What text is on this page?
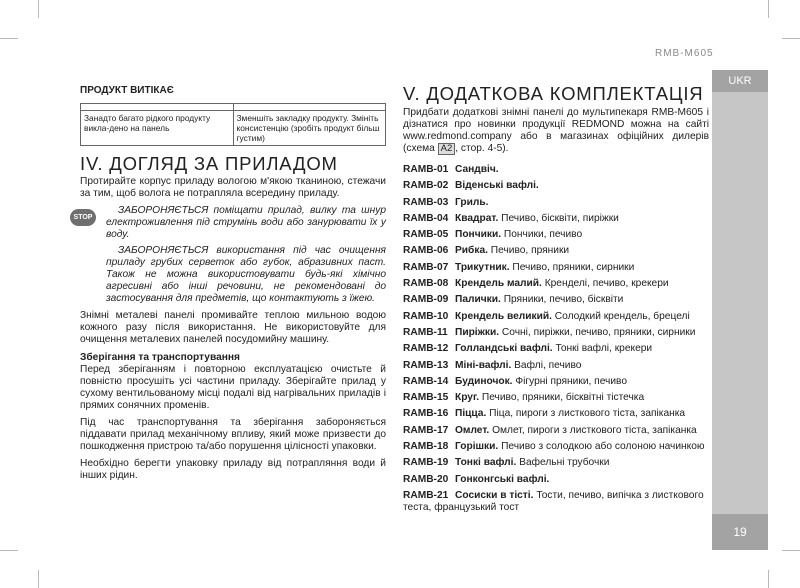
RMB-M605
UKR
19
ПРОДУКТ ВИТІКАЄ

Занадто багато рідкого продукту викла-дено на панель	Зменшіть закладку продукту. Змініть консистенцію (зробіть продукт більш густим)
IV. ДОГЛЯД ЗА ПРИЛАДОМ

Протирайте корпус приладу вологою м'якою тканиною, стежачи за тим, щоб волога не потрапляла всередину приладу.

STOP

ЗАБОРОНЯЄТЬСЯ поміщати прилад, вилку та шнур електроживлення під струмінь води або занурювати їх у воду.

ЗАБОРОНЯЄТЬСЯ використання під час очищення приладу грубих серветок або губок, абразивних паст. Також не можна використовувати будь-які хімічно агресивні або інші речовини, не рекомендовані до застосування для предметів, що контактують з їжею.

Знімні металеві панелі промивайте теплою мильною водою кожного разу після використання. Не використовуйте для очищення металевих панелей посудомийну машину.

Зберігання та транспортування

Перед зберіганням і повторною експлуатацією очистьте й повністю просушіть усі частини приладу. Зберігайте прилад у сухому вентильованому місці подалі від нагрівальних приладів і прямих сонячних променів.

Під час транспортування та зберігання забороняється піддавати прилад механічному впливу, який може призвести до пошкодження пристрою та/або порушення цілісності упаковки.

Необхідно берегти упаковку приладу від потрапляння води й інших рідин.

V. ДОДАТКОВА КОМПЛЕКТАЦІЯ

Придбати додаткові знімні панелі до мультипекаря RMB-M605 і дізнатися про новинки продукції REDMOND можна на сайті www.redmond.company або в магазинах офіційних дилерів (схема A2 , стор. 4-5).

RAMB-01 Сандвіч.
RAMB-02 Віденські вафлі.
RAMB-03 Гриль.
RAMB-04 Квадрат. Печиво, бісквіти, пиріжки
RAMB-05 Пончики. Пончики, печиво
RAMB-06 Рибка. Печиво, пряники
RAMB-07 Трикутник. Печиво, пряники, сирники
RAMB-08 Крендель малий. Кренделі, печиво, крекери
RAMB-09 Палички. Пряники, печиво, бісквіти
RAMB-10 Крендель великий. Солодкий крендель, брецелі
RAMB-11 Пиріжки. Сочні, пиріжки, печиво, пряники, сирники
RAMB-12 Голландські вафлі. Тонкі вафлі, крекери
RAMB-13 Міні-вафлі. Вафлі, печиво
RAMB-14 Будиночок. Фігурні пряники, печиво
RAMB-15 Круг. Печиво, пряники, бісквітні тістечка
RAMB-16 Піцца. Піца, пироги з листкового тіста, запіканка
RAMB-17 Омлет. Омлет, пироги з листкового тіста, запіканка
RAMB-18 Горішки. Печиво з солодкою або солоною начинкою
RAMB-19 Тонкі вафлі. Вафельні трубочки
RAMB-20 Гонконгські вафлі.
RAMB-21 Сосиски в тісті. Тости, печиво, випічка з листкового теста, французький тост
